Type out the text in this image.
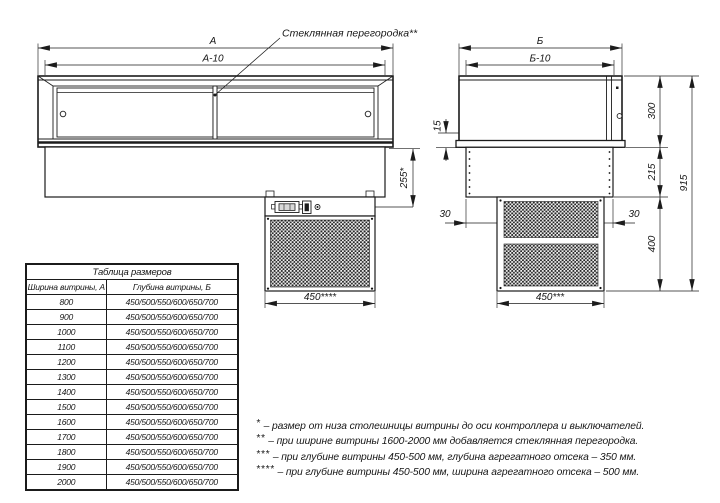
А
А-10
255*
450****
Стеклянная перегородка**
Б
Б-10
15
30	30
300
215
400
915
450***
Таблица размеров	
Ширина витрины, А	Глубина витрины, Б
800	450/500/550/600/650/700
900	450/500/550/600/650/700
1000	450/500/550/600/650/700
1100	450/500/550/600/650/700
1200	450/500/550/600/650/700
1300	450/500/550/600/650/700
1400	450/500/550/600/650/700
1500	450/500/550/600/650/700
1600	450/500/550/600/650/700
1700	450/500/550/600/650/700
1800	450/500/550/600/650/700
1900	450/500/550/600/650/700
2000	450/500/550/600/650/700
* – размер от низа столешницы витрины до оси контроллера и выключателей.
** – при ширине витрины 1600-2000 мм добавляется стеклянная перегородка.
*** – при глубине витрины 450-500 мм, глубина агрегатного отсека – 350 мм.
**** – при глубине витрины 450-500 мм, ширина агрегатного отсека – 500 мм.
